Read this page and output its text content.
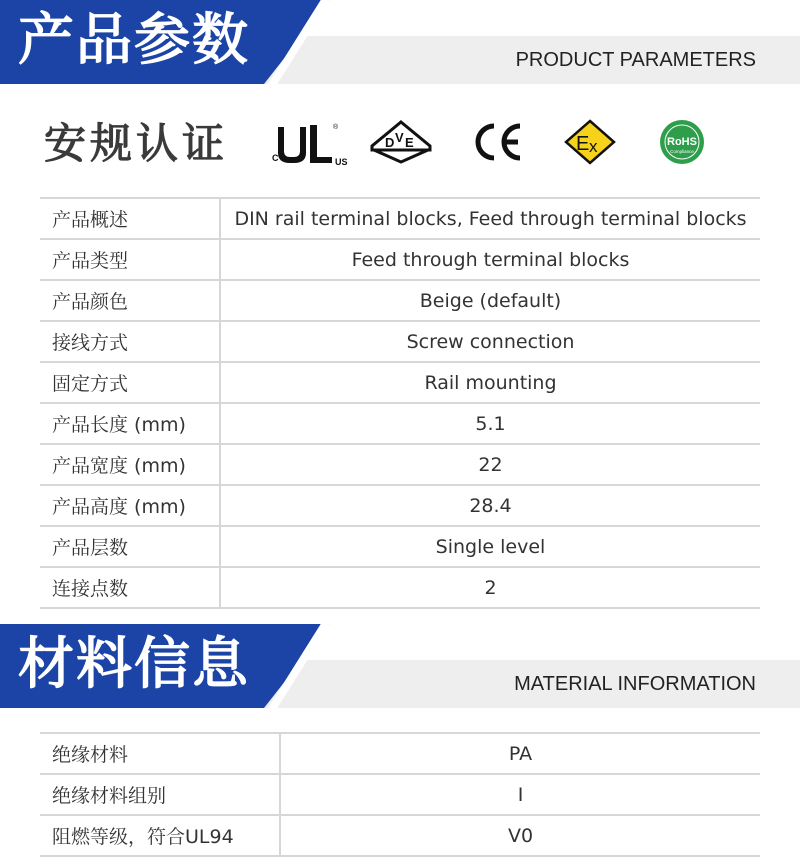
产品参数	PRODUCT PARAMETERS
安规认证	C	US
®
D V E	E x	RoHS
Compliance
产品概述	DIN rail terminal blocks, Feed through terminal blocks
产品类型	Feed through terminal blocks
产品颜色	Beige (default)
接线方式	Screw connection
固定方式	Rail mounting
产品长度 (mm)	5.1
产品宽度 (mm)	22
产品高度 (mm)	28.4
产品层数	Single level
连接点数	2
材料信息	MATERIAL INFORMATION
绝缘材料	PA
绝缘材料组别	I
阻燃等级，符合UL94	V0
